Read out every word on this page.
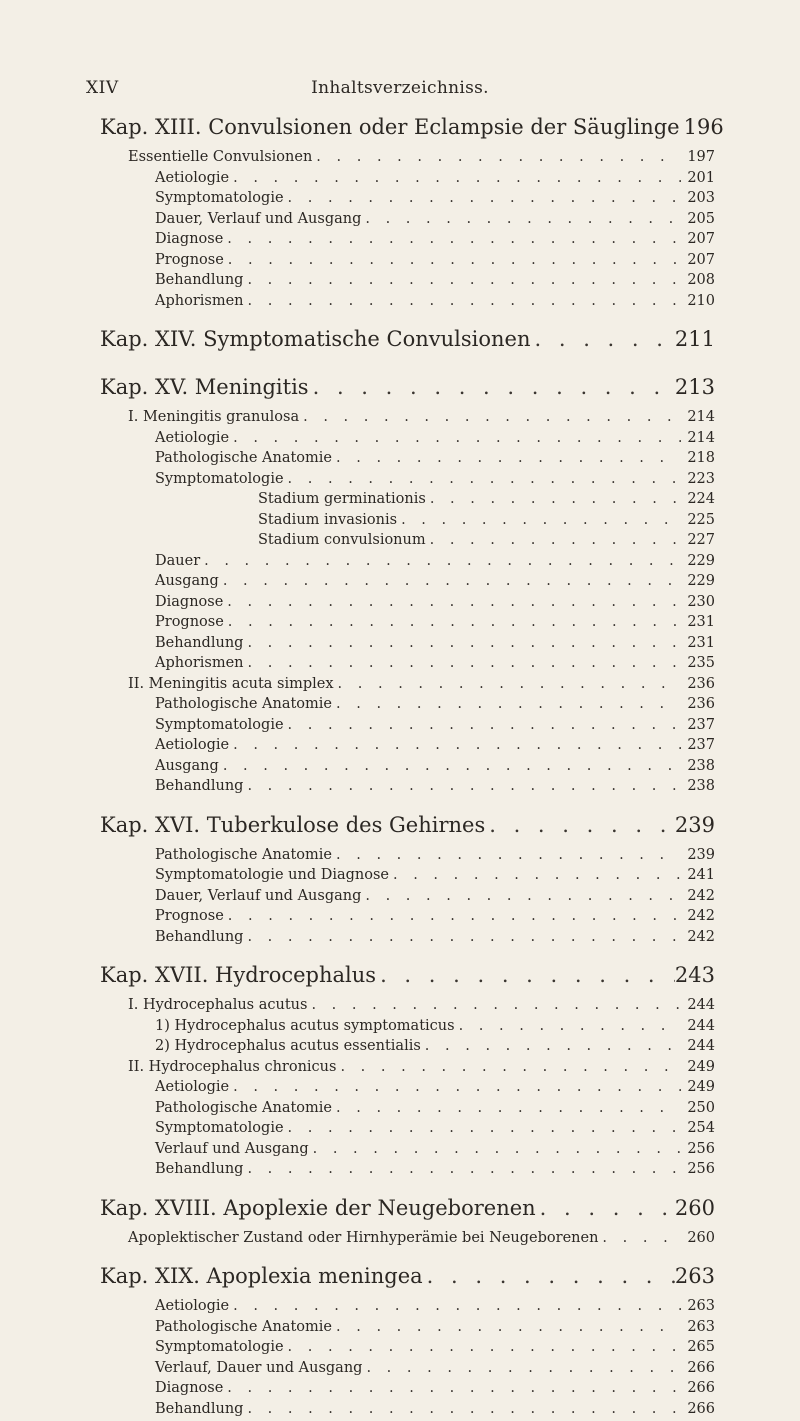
XIV	Inhaltsverzeichniss.
Kap. XIII. Convulsionen oder Eclampsie der Säuglinge 196
Essentielle Convulsionen . . .	197
Aetiologie . . .	201
Symptomatologie . . .	203
Dauer, Verlauf und Ausgang . . .	205
Diagnose . . .	207
Prognose . . .	207
Behandlung . . .	208
Aphorismen . . .	210
Kap. XIV. Symptomatische Convulsionen . . .	211
Kap. XV. Meningitis . . .	213
I. Meningitis granulosa . . .	214
Aetiologie . . .	214
Pathologische Anatomie . . .	218
Symptomatologie . . .	223
Stadium germinationis . . .	224
Stadium invasionis . . .	225
Stadium convulsionum . . .	227
Dauer . . .	229
Ausgang . . .	229
Diagnose . . .	230
Prognose . . .	231
Behandlung . . .	231
Aphorismen . . .	235
II. Meningitis acuta simplex . . .	236
Pathologische Anatomie . . .	236
Symptomatologie . . .	237
Aetiologie . . .	237
Ausgang . . .	238
Behandlung . . .	238
Kap. XVI. Tuberkulose des Gehirnes . . .	239
Pathologische Anatomie . . .	239
Symptomatologie und Diagnose . . .	241
Dauer, Verlauf und Ausgang . . .	242
Prognose . . .	242
Behandlung . . .	242
Kap. XVII. Hydrocephalus . . .	243
I. Hydrocephalus acutus . . .	244
1) Hydrocephalus acutus symptomaticus . . .	244
2) Hydrocephalus acutus essentialis . . .	244
II. Hydrocephalus chronicus . . .	249
Aetiologie . . .	249
Pathologische Anatomie . . .	250
Symptomatologie . . .	254
Verlauf und Ausgang . . .	256
Behandlung . . .	256
Kap. XVIII. Apoplexie der Neugeborenen . . .	260
Apoplektischer Zustand oder Hirnhyperämie bei Neugeborenen . . .	260
Kap. XIX. Apoplexia meningea . . .	263
Aetiologie . . .	263
Pathologische Anatomie . . .	263
Symptomatologie . . .	265
Verlauf, Dauer und Ausgang . . .	266
Diagnose . . .	266
Behandlung . . .	266
